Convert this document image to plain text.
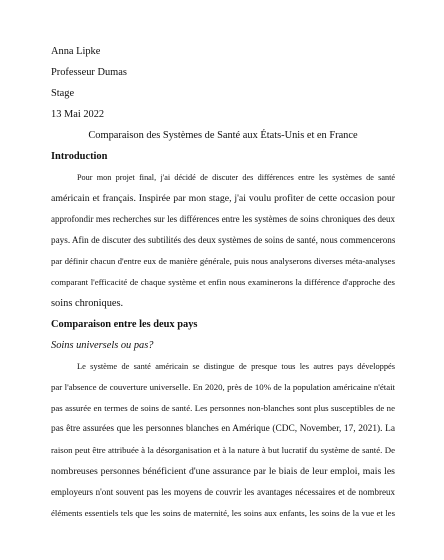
Anna Lipke
Professeur Dumas
Stage
13 Mai 2022
Comparaison des Systèmes de Santé aux États-Unis et en France
Introduction
Pour mon projet final, j'ai décidé de discuter des différences entre les systèmes de santé
américain et français. Inspirée par mon stage, j'ai voulu profiter de cette occasion pour
approfondir mes recherches sur les différences entre les systèmes de soins chroniques des deux
pays. Afin de discuter des subtilités des deux systèmes de soins de santé, nous commencerons
par définir chacun d'entre eux de manière générale, puis nous analyserons diverses méta-analyses
comparant l'efficacité de chaque système et enfin nous examinerons la différence d'approche des
soins chroniques.
Comparaison entre les deux pays
Soins universels ou pas?
Le système de santé américain se distingue de presque tous les autres pays développés
par l'absence de couverture universelle. En 2020, près de 10% de la population américaine n'était
pas assurée en termes de soins de santé. Les personnes non-blanches sont plus susceptibles de ne
pas être assurées que les personnes blanches en Amérique (CDC, November, 17, 2021). La
raison peut être attribuée à la désorganisation et à la nature à but lucratif du système de santé. De
nombreuses personnes bénéficient d'une assurance par le biais de leur emploi, mais les
employeurs n'ont souvent pas les moyens de couvrir les avantages nécessaires et de nombreux
éléments essentiels tels que les soins de maternité, les soins aux enfants, les soins de la vue et les
